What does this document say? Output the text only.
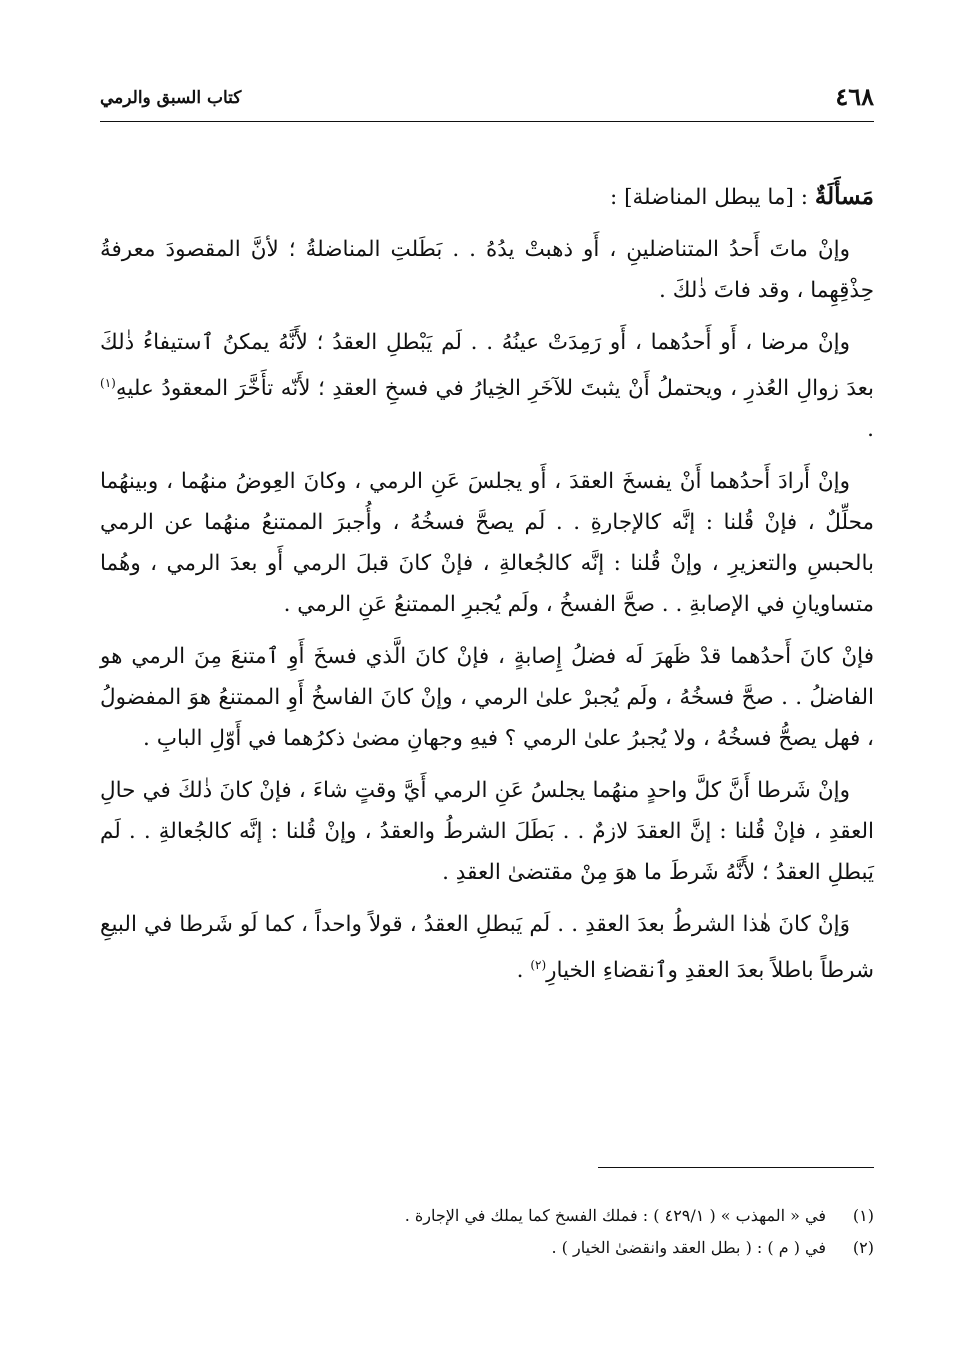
٤٦٨
كتاب السبق والرمي

مَسأَلَةٌ : [ما يبطل المناضلة] :

وإنْ ماتَ أَحدُ المتناضلينِ ، أَو ذهبتْ يدُهُ . . بَطَلتِ المناضلةُ ؛ لأنَّ المقصودَ معرفةُ حِذْقِهِما ، وقد فاتَ ذٰلكَ .

وإنْ مرضا ، أَو أَحدُهما ، أَو رَمِدَتْ عينُهُ . . لَم يَبْطلِ العقدُ ؛ لأَنَّهُ يمكنُ ٱستيفاءُ ذٰلكَ بعدَ زوالِ العُذرِ ، ويحتملُ أَنْ يثبتَ للآخَرِ الخِيارُ في فسخِ العقدِ ؛ لأَنّه تأَخَّرَ المعقودُ عليهِ$^{(١)}$ .

وإنْ أَرادَ أَحدُهما أَنْ يفسخَ العقدَ ، أَو يجلسَ عَنِ الرمي ، وكانَ العِوضُ منهُما ، وبينهُما محلِّلٌ ، فإنْ قُلنا : إنَّه كالإجارةِ . . لَم يصحَّ فسخُهُ ، وأُجبرَ الممتنعُ منهُما عن الرمي بالحبسِ والتعزيرِ ، وإنْ قُلنا : إنَّه كالجُعالةِ ، فإنْ كانَ قبلَ الرمي أَو بعدَ الرمي ، وهُما متساويانِ في الإصابةِ . . صحَّ الفسخُ ، ولَم يُجبرِ الممتنعُ عَنِ الرمي .

فإنْ كانَ أَحدُهما قدْ ظَهرَ لَه فضلُ إِصابةٍ ، فإنْ كانَ الَّذي فسخَ أَوِ ٱمتنعَ مِنَ الرمي هو الفاضلُ . . صحَّ فسخُهُ ، ولَم يُجبرْ علىٰ الرمي ، وإنْ كانَ الفاسخُ أَوِ الممتنعُ هوَ المفضولُ ، فهل يصحُّ فسخُهُ ، ولا يُجبرُ علىٰ الرمي ؟ فيهِ وجهانِ مضىٰ ذكرُهما في أَوّلِ البابِ .

وإنْ شَرطا أَنَّ كلَّ واحدٍ منهُما يجلسُ عَنِ الرمي أَيَّ وقتٍ شاءَ ، فإنْ كانَ ذٰلكَ في حالِ العقدِ ، فإنْ قُلنا : إنَّ العقدَ لازمٌ . . بَطَلَ الشرطُ والعقدُ ، وإنْ قُلنا : إنَّه كالجُعالةِ . . لَم يَبطلِ العقدُ ؛ لأَنَّهُ شَرطَ ما هوَ مِنْ مقتضىٰ العقدِ .

وَإنْ كانَ هٰذا الشرطُ بعدَ العقدِ . . لَم يَبطلِ العقدُ ، قولاً واحداً ، كما لَو شَرطا في البيعِ شرطاً باطلاً بعدَ العقدِ وٱنقضاءِ الخيارِ$^{(٢)}$ .

(١)في « المهذب » ( ٤٢٩/١ ) : فملك الفسخ كما يملك في الإجارة .

(٢)في ( م ) : ( بطل العقد وانقضىٰ الخيار ) .
